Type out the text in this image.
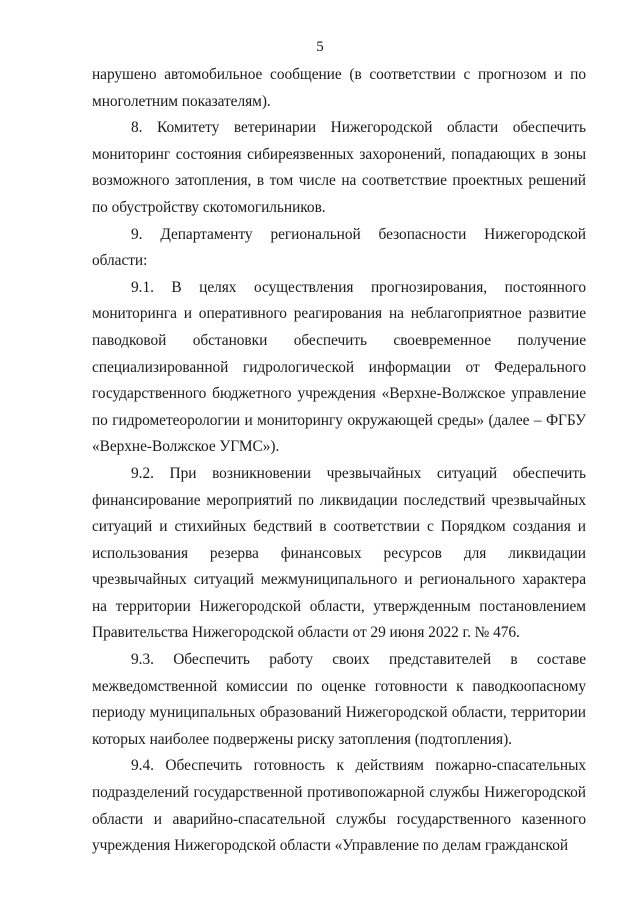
5

нарушено автомобильное сообщение (в соответствии с прогнозом и по многолетним показателям).

8. Комитету ветеринарии Нижегородской области обеспечить мониторинг состояния сибиреязвенных захоронений, попадающих в зоны возможного затопления, в том числе на соответствие проектных решений по обустройству скотомогильников.

9. Департаменту региональной безопасности Нижегородской области:

9.1. В целях осуществления прогнозирования, постоянного мониторинга и оперативного реагирования на неблагоприятное развитие паводковой обстановки обеспечить своевременное получение специализированной гидрологической информации от Федерального государственного бюджетного учреждения «Верхне-Волжское управление по гидрометеорологии и мониторингу окружающей среды» (далее – ФГБУ «Верхне-Волжское УГМС»).

9.2. При возникновении чрезвычайных ситуаций обеспечить финансирование мероприятий по ликвидации последствий чрезвычайных ситуаций и стихийных бедствий в соответствии с Порядком создания и использования резерва финансовых ресурсов для ликвидации чрезвычайных ситуаций межмуниципального и регионального характера на территории Нижегородской области, утвержденным постановлением Правительства Нижегородской области от 29 июня 2022 г. № 476.

9.3. Обеспечить работу своих представителей в составе межведомственной комиссии по оценке готовности к паводкоопасному периоду муниципальных образований Нижегородской области, территории которых наиболее подвержены риску затопления (подтопления).

9.4. Обеспечить готовность к действиям пожарно-спасательных подразделений государственной противопожарной службы Нижегородской области и аварийно-спасательной службы государственного казенного учреждения Нижегородской области «Управление по делам гражданской
